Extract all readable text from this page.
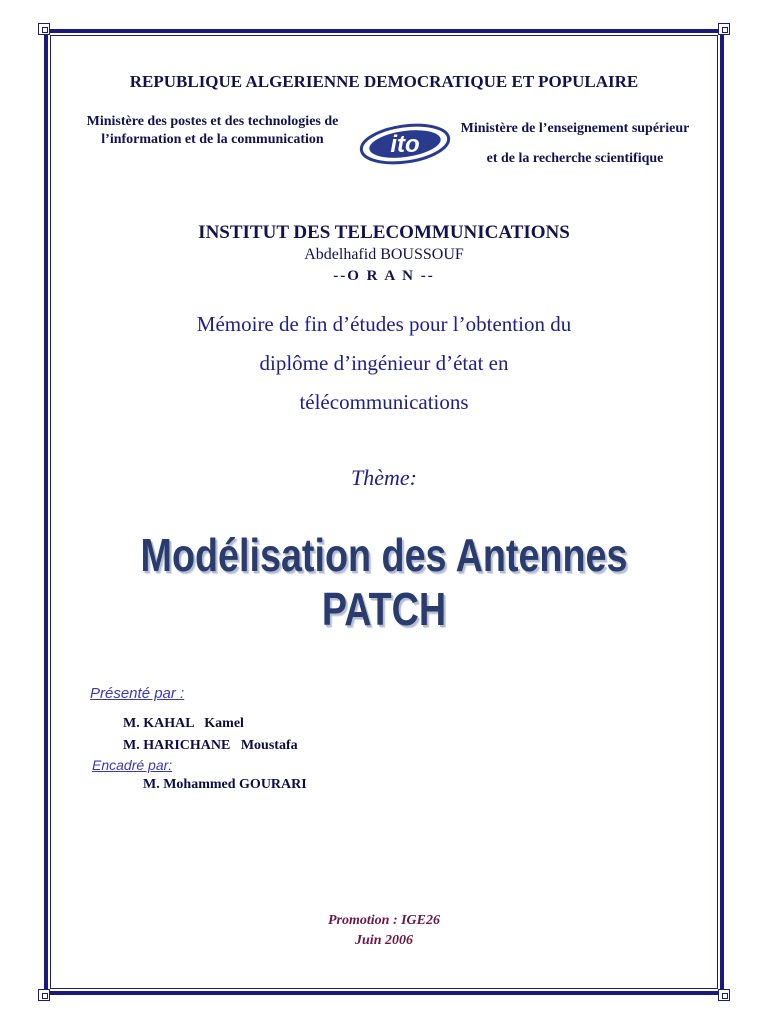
REPUBLIQUE ALGERIENNE DEMOCRATIQUE ET POPULAIRE
Ministère des postes et des technologies de l’information et de la communication	ito
Ministère de l’enseignement supérieur et de la recherche scientifique
INSTITUT DES TELECOMMUNICATIONS
Abdelhafid BOUSSOUF
--O R A N --
Mémoire de fin d’études pour l’obtention du
diplôme d’ingénieur d’état en
télécommunications
Thème:
Modélisation des Antennes
PATCH
Présenté par :
M. KAHAL   Kamel
M. HARICHANE   Moustafa
Encadré par:
M. Mohammed GOURARI
Promotion : IGE26
Juin 2006
